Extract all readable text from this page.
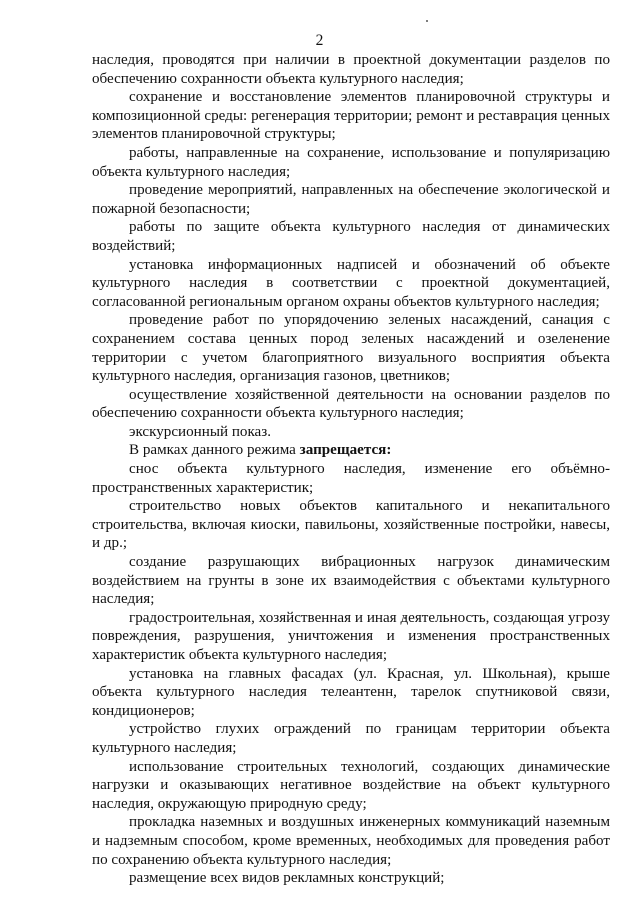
2

наследия, проводятся при наличии в проектной документации разделов по обеспечению сохранности объекта культурного наследия;

сохранение и восстановление элементов планировочной структуры и композиционной среды: регенерация территории; ремонт и реставрация ценных элементов планировочной структуры;

работы, направленные на сохранение, использование и популяризацию объекта культурного наследия;

проведение мероприятий, направленных на обеспечение экологической и пожарной безопасности;

работы по защите объекта культурного наследия от динамических воздействий;

установка информационных надписей и обозначений об объекте культурного наследия в соответствии с проектной документацией, согласованной региональным органом охраны объектов культурного наследия;

проведение работ по упорядочению зеленых насаждений, санация с сохранением состава ценных пород зеленых насаждений и озеленение территории с учетом благоприятного визуального восприятия объекта культурного наследия, организация газонов, цветников;

осуществление хозяйственной деятельности на основании разделов по обеспечению сохранности объекта культурного наследия;

экскурсионный показ.

В рамках данного режима запрещается:

снос объекта культурного наследия, изменение его объёмно-пространственных характеристик;

строительство новых объектов капитального и некапитального строительства, включая киоски, павильоны, хозяйственные постройки, навесы, и др.;

создание разрушающих вибрационных нагрузок динамическим воздействием на грунты в зоне их взаимодействия с объектами культурного наследия;

градостроительная, хозяйственная и иная деятельность, создающая угрозу повреждения, разрушения, уничтожения и изменения пространственных характеристик объекта культурного наследия;

установка на главных фасадах (ул. Красная, ул. Школьная), крыше объекта культурного наследия телеантенн, тарелок спутниковой связи, кондиционеров;

устройство глухих ограждений по границам территории объекта культурного наследия;

использование строительных технологий, создающих динамические нагрузки и оказывающих негативное воздействие на объект культурного наследия, окружающую природную среду;

прокладка наземных и воздушных инженерных коммуникаций наземным и надземным способом, кроме временных, необходимых для проведения работ по сохранению объекта культурного наследия;

размещение всех видов рекламных конструкций;
